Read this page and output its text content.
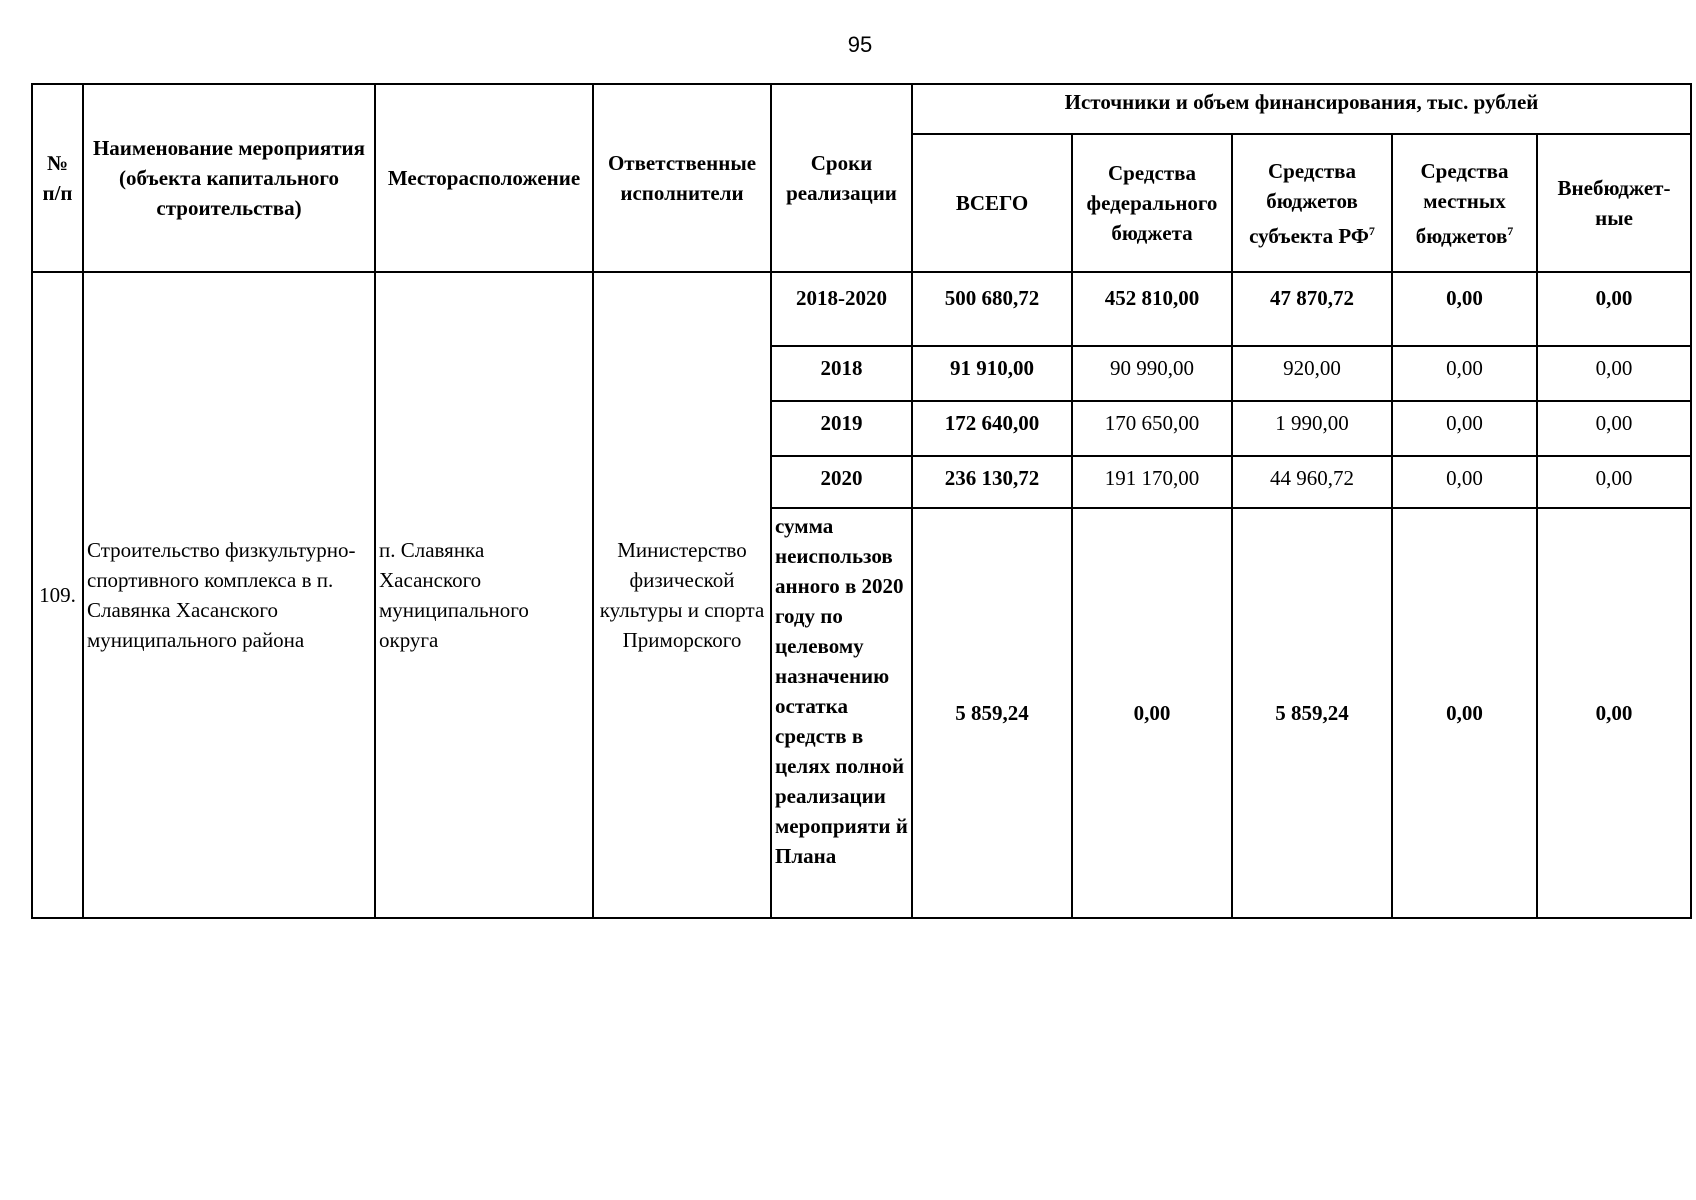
95
№ п/п	Наименование мероприятия (объекта капитального строительства)	Месторасположение	Ответственные исполнители	Сроки реализации	Источники и объем финансирования, тыс. рублей				
					ВСЕГО	Средства федерального бюджета	Средства бюджетов субъекта $РФ^7$	Средства местных бюджетов$^7$	Внебюджет-ные
109.	Строительство физкультурно-спортивного комплекса в п. Славянка Хасанского муниципального района	п. Славянка Хасанского муниципального округа	Министерство физической культуры и спорта Приморского	2018-2020	500 680,72	452 810,00	47 870,72	0,00	0,00
				2018	91 910,00	90 990,00	920,00	0,00	0,00
				2019	172 640,00	170 650,00	1 990,00	0,00	0,00
				2020	236 130,72	191 170,00	44 960,72	0,00	0,00
				сумма неиспользов анного в 2020 году по целевому назначению остатка средств в целях полной реализации мероприяти й Плана	5 859,24	0,00	5 859,24	0,00	0,00
